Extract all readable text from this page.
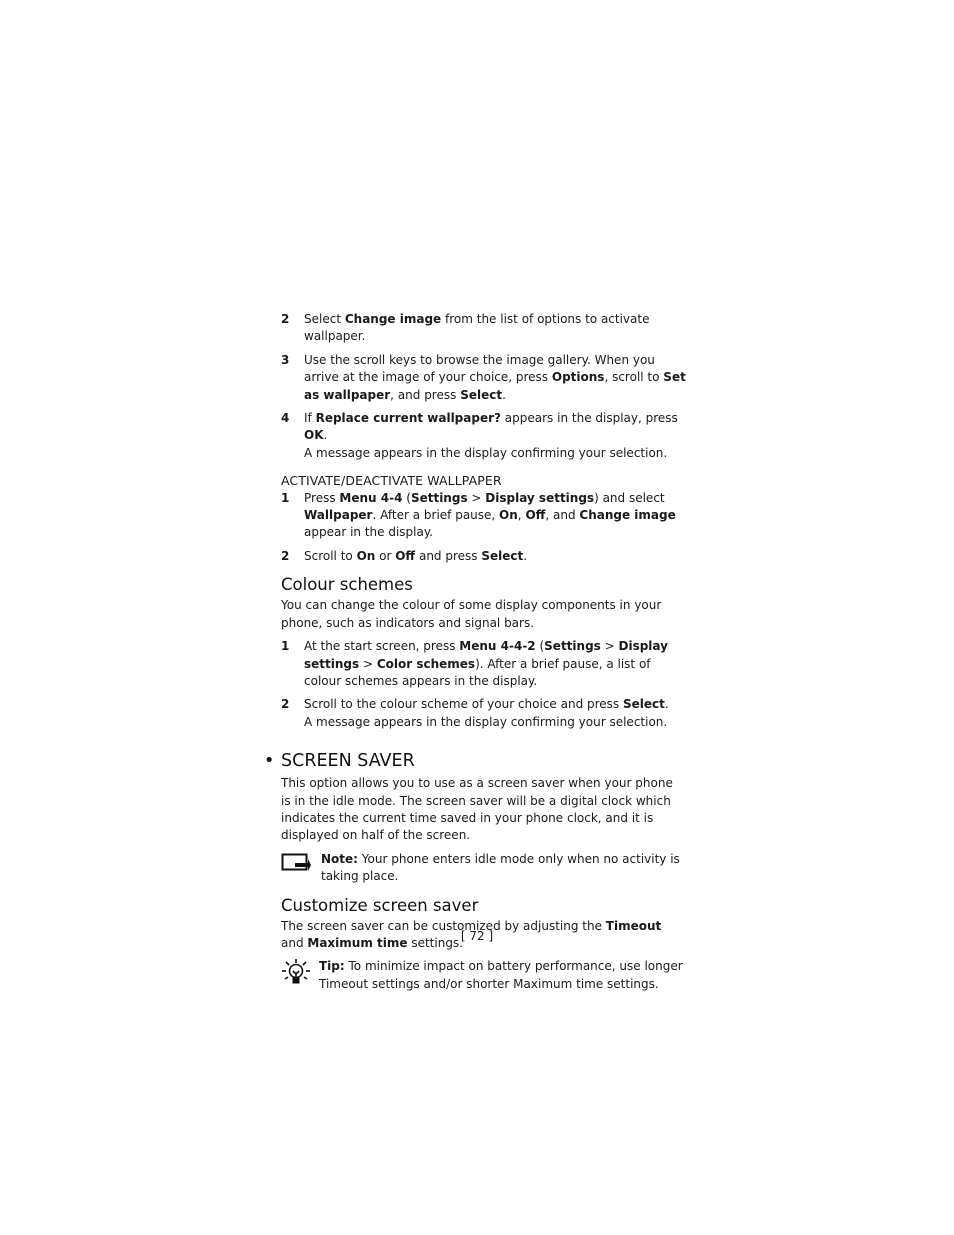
2	Select Change image from the list of options to activate wallpaper.
3	Use the scroll keys to browse the image gallery. When you arrive at the image of your choice, press Options, scroll to Set as wallpaper, and press Select.
4	If Replace current wallpaper? appears in the display, press OK.
A message appears in the display confirming your selection.
ACTIVATE/DEACTIVATE WALLPAPER
1	Press Menu 4-4 (Settings > Display settings) and select Wallpaper. After a brief pause, On, Off, and Change image appear in the display.
2	Scroll to On or Off and press Select.
Colour schemes

You can change the colour of some display components in your phone, such as indicators and signal bars.

1	At the start screen, press Menu 4-4-2 (Settings > Display settings > Color schemes). After a brief pause, a list of colour schemes appears in the display.
2	Scroll to the colour scheme of your choice and press Select.
A message appears in the display confirming your selection.
• SCREEN SAVER

This option allows you to use as a screen saver when your phone is in the idle mode. The screen saver will be a digital clock which indicates the current time saved in your phone clock, and it is displayed on half of the screen.

Note: Your phone enters idle mode only when no activity is taking place.
Customize screen saver

The screen saver can be customized by adjusting the Timeout and Maximum time settings.

Tip: To minimize impact on battery performance, use longer Timeout settings and/or shorter Maximum time settings.
[ 72 ]
